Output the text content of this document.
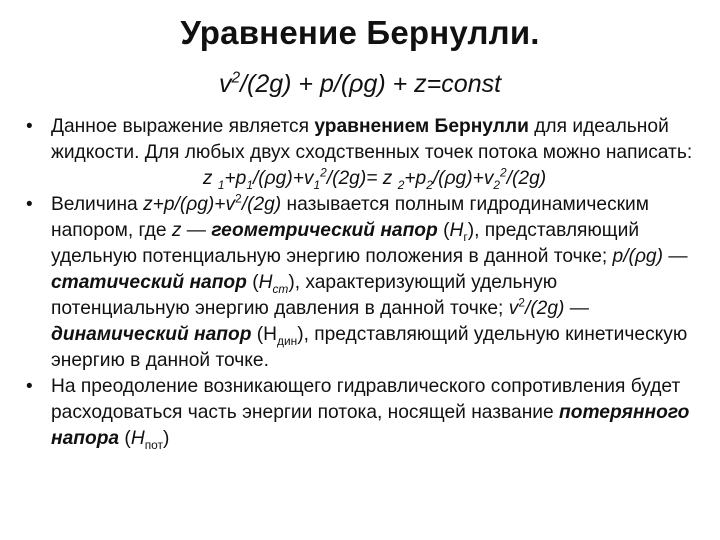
Уравнение Бернулли.
$v^2/(2g) + p/(\rho g)$ + z=const
• Данное выражение является уравнением Бернулли для идеальной жидкости. Для любых двух сходственных точек потока можно написать:
z $_1+p_1/(\rho g)+v_1^2/(2g)= z$ $_2+p_2/(\rho g)+v_2^2/(2g)$
• Величина $z+p/(\rho g)+v^2/(2g)$ называется полным гидродинамическим напором, где z — геометрический напор $(H_г)$, представляющий удельную потенциальную энергию положения в данной точке; p/(ρg) —статический напор $(H_{ст})$, характеризующий удельную потенциальную энергию давления в данной точке; $v^2/(2g)$ —динамический напор $(H_{дин})$, представляющий удельную кинетическую энергию в данной точке.
• На преодоление возникающего гидравлического сопротивления будет расходоваться часть энергии потока, носящей название потерянного напора $(H_{пот})$
